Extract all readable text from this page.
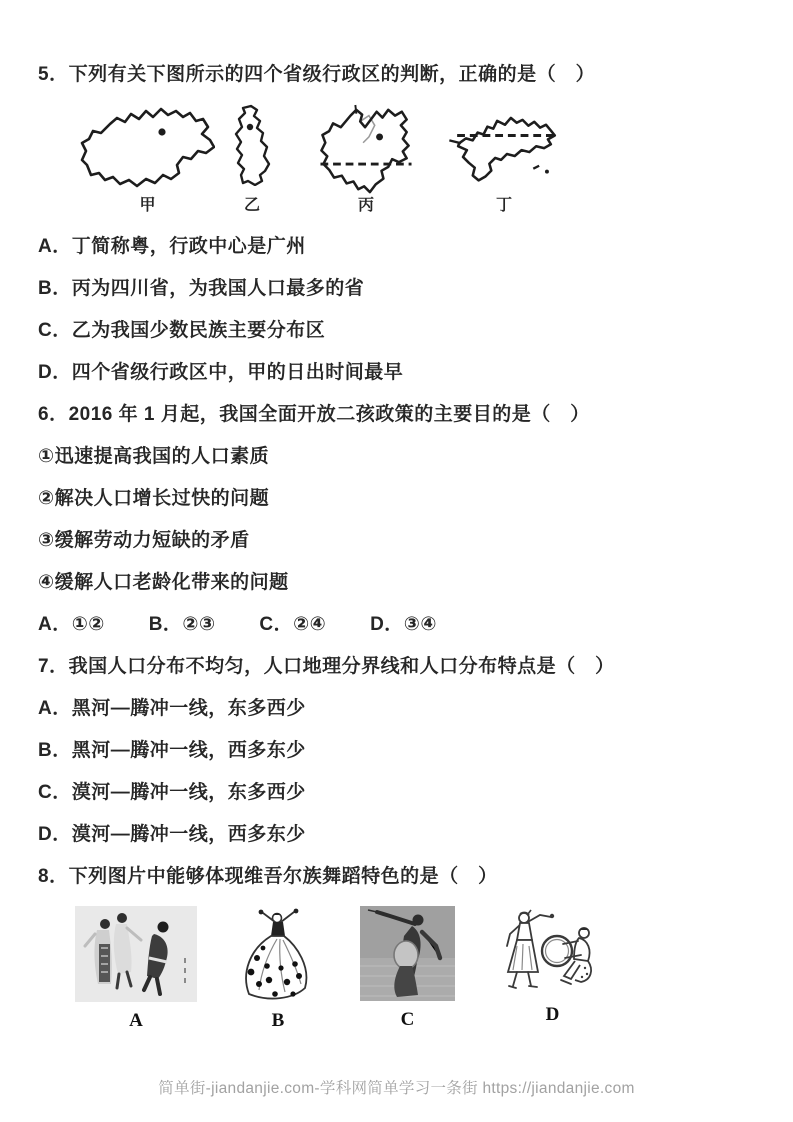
5．下列有关下图所示的四个省级行政区的判断，正确的是（　）

甲	乙	丙	丁

A．丁简称粤，行政中心是广州

B．丙为四川省，为我国人口最多的省

C．乙为我国少数民族主要分布区

D．四个省级行政区中，甲的日出时间最早

6．2016 年 1 月起，我国全面开放二孩政策的主要目的是（　）

①迅速提高我国的人口素质

②解决人口增长过快的问题

③缓解劳动力短缺的矛盾

④缓解人口老龄化带来的问题

A．①② B．②③ C．②④ D．③④

7．我国人口分布不均匀，人口地理分界线和人口分布特点是（　）

A．黑河—腾冲一线，东多西少

B．黑河—腾冲一线，西多东少

C．漠河—腾冲一线，东多西少

D．漠河—腾冲一线，西多东少

8．下列图片中能够体现维吾尔族舞蹈特色的是（　）

A	B	C	D
简单街-jiandanjie.com-学科网简单学习一条街 https://jiandanjie.com
